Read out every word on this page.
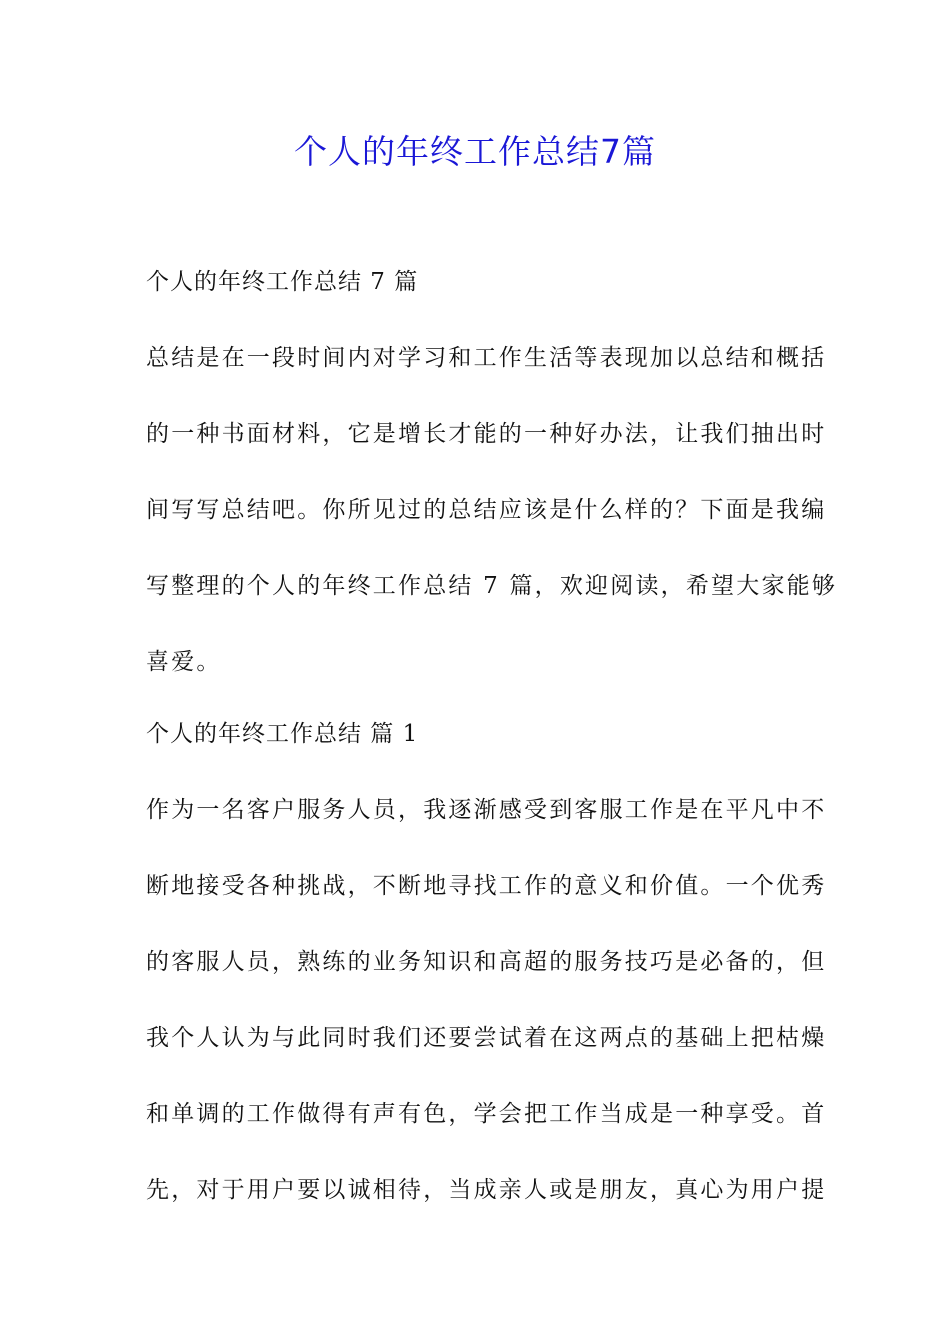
个人的年终工作总结7篇

个人的年终工作总结 7 篇

总结是在一段时间内对学习和工作生活等表现加以总结和概括

的一种书面材料，它是增长才能的一种好办法，让我们抽出时

间写写总结吧。你所见过的总结应该是什么样的？下面是我编

写整理的个人的年终工作总结 7 篇，欢迎阅读，希望大家能够

喜爱。

个人的年终工作总结 篇 1

作为一名客户服务人员，我逐渐感受到客服工作是在平凡中不

断地接受各种挑战，不断地寻找工作的意义和价值。一个优秀

的客服人员，熟练的业务知识和高超的服务技巧是必备的，但

我个人认为与此同时我们还要尝试着在这两点的基础上把枯燥

和单调的工作做得有声有色，学会把工作当成是一种享受。首

先，对于用户要以诚相待，当成亲人或是朋友，真心为用户提
